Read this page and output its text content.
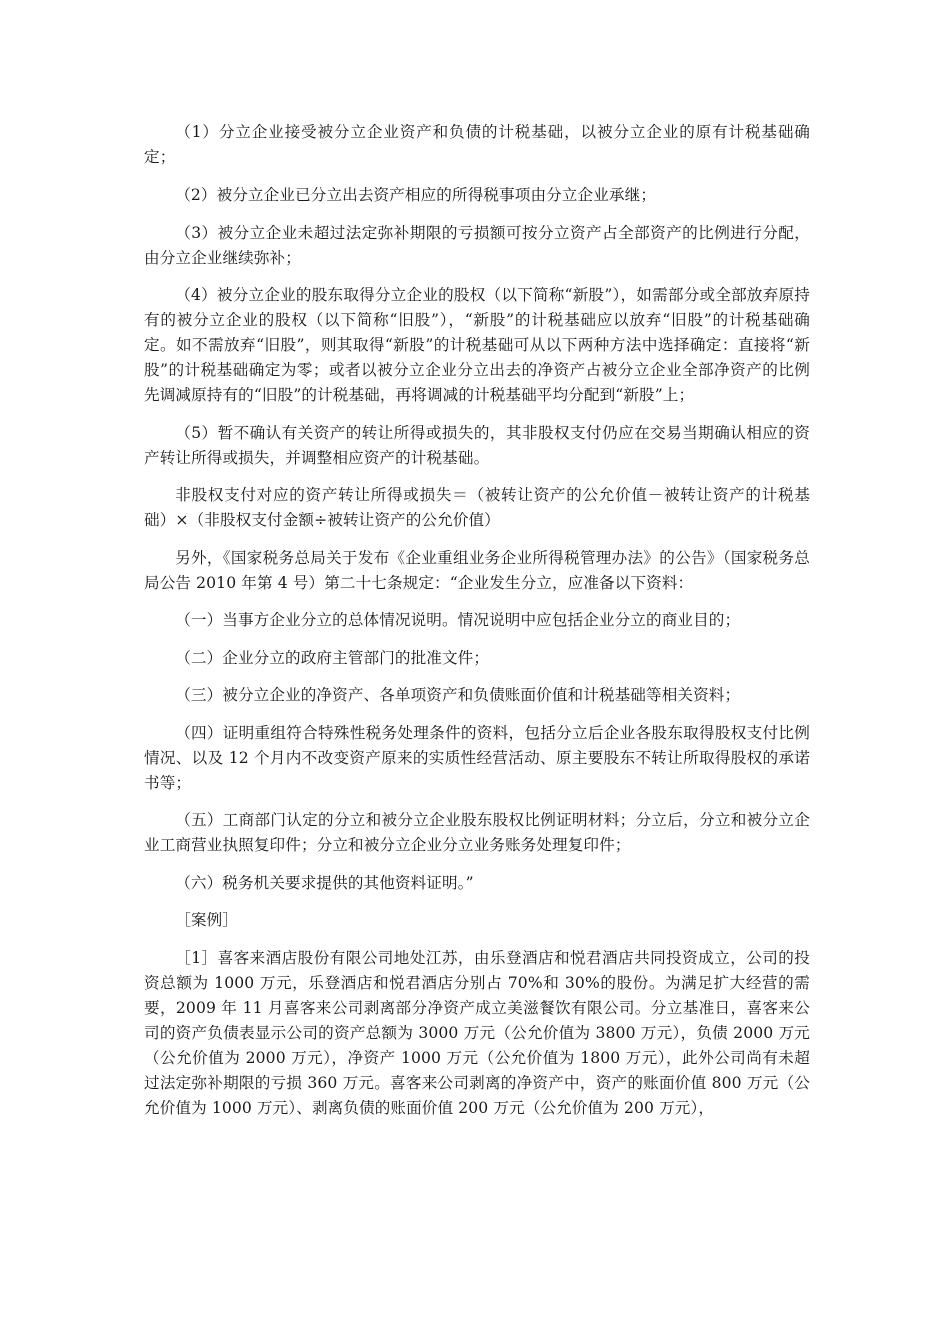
（1）分立企业接受被分立企业资产和负债的计税基础，以被分立企业的原有计税基础确定；

（2）被分立企业已分立出去资产相应的所得税事项由分立企业承继；

（3）被分立企业未超过法定弥补期限的亏损额可按分立资产占全部资产的比例进行分配，由分立企业继续弥补；

（4）被分立企业的股东取得分立企业的股权（以下简称“新股”），如需部分或全部放弃原持有的被分立企业的股权（以下简称“旧股”），“新股”的计税基础应以放弃“旧股”的计税基础确定。如不需放弃“旧股”，则其取得“新股”的计税基础可从以下两种方法中选择确定：直接将“新股”的计税基础确定为零；或者以被分立企业分立出去的净资产占被分立企业全部净资产的比例先调减原持有的“旧股”的计税基础，再将调减的计税基础平均分配到“新股”上；

（5）暂不确认有关资产的转让所得或损失的，其非股权支付仍应在交易当期确认相应的资产转让所得或损失，并调整相应资产的计税基础。

非股权支付对应的资产转让所得或损失＝（被转让资产的公允价值－被转让资产的计税基础）×（非股权支付金额÷被转让资产的公允价值）

另外，《国家税务总局关于发布《企业重组业务企业所得税管理办法》的公告》（国家税务总局公告 2010 年第 4 号）第二十七条规定：“企业发生分立，应准备以下资料：

（一）当事方企业分立的总体情况说明。情况说明中应包括企业分立的商业目的；

（二）企业分立的政府主管部门的批准文件；

（三）被分立企业的净资产、各单项资产和负债账面价值和计税基础等相关资料；

（四）证明重组符合特殊性税务处理条件的资料，包括分立后企业各股东取得股权支付比例情况、以及 12 个月内不改变资产原来的实质性经营活动、原主要股东不转让所取得股权的承诺书等；

（五）工商部门认定的分立和被分立企业股东股权比例证明材料；分立后，分立和被分立企业工商营业执照复印件；分立和被分立企业分立业务账务处理复印件；

（六）税务机关要求提供的其他资料证明。”

［案例］

［1］喜客来酒店股份有限公司地处江苏，由乐登酒店和悦君酒店共同投资成立，公司的投资总额为 1000 万元，乐登酒店和悦君酒店分别占 70%和 30%的股份。为满足扩大经营的需要，2009 年 11 月喜客来公司剥离部分净资产成立美滋餐饮有限公司。分立基准日，喜客来公司的资产负债表显示公司的资产总额为 3000 万元（公允价值为 3800 万元），负债 2000 万元（公允价值为 2000 万元），净资产 1000 万元（公允价值为 1800 万元），此外公司尚有未超过法定弥补期限的亏损 360 万元。喜客来公司剥离的净资产中，资产的账面价值 800 万元（公允价值为 1000 万元）、剥离负债的账面价值 200 万元（公允价值为 200 万元），
